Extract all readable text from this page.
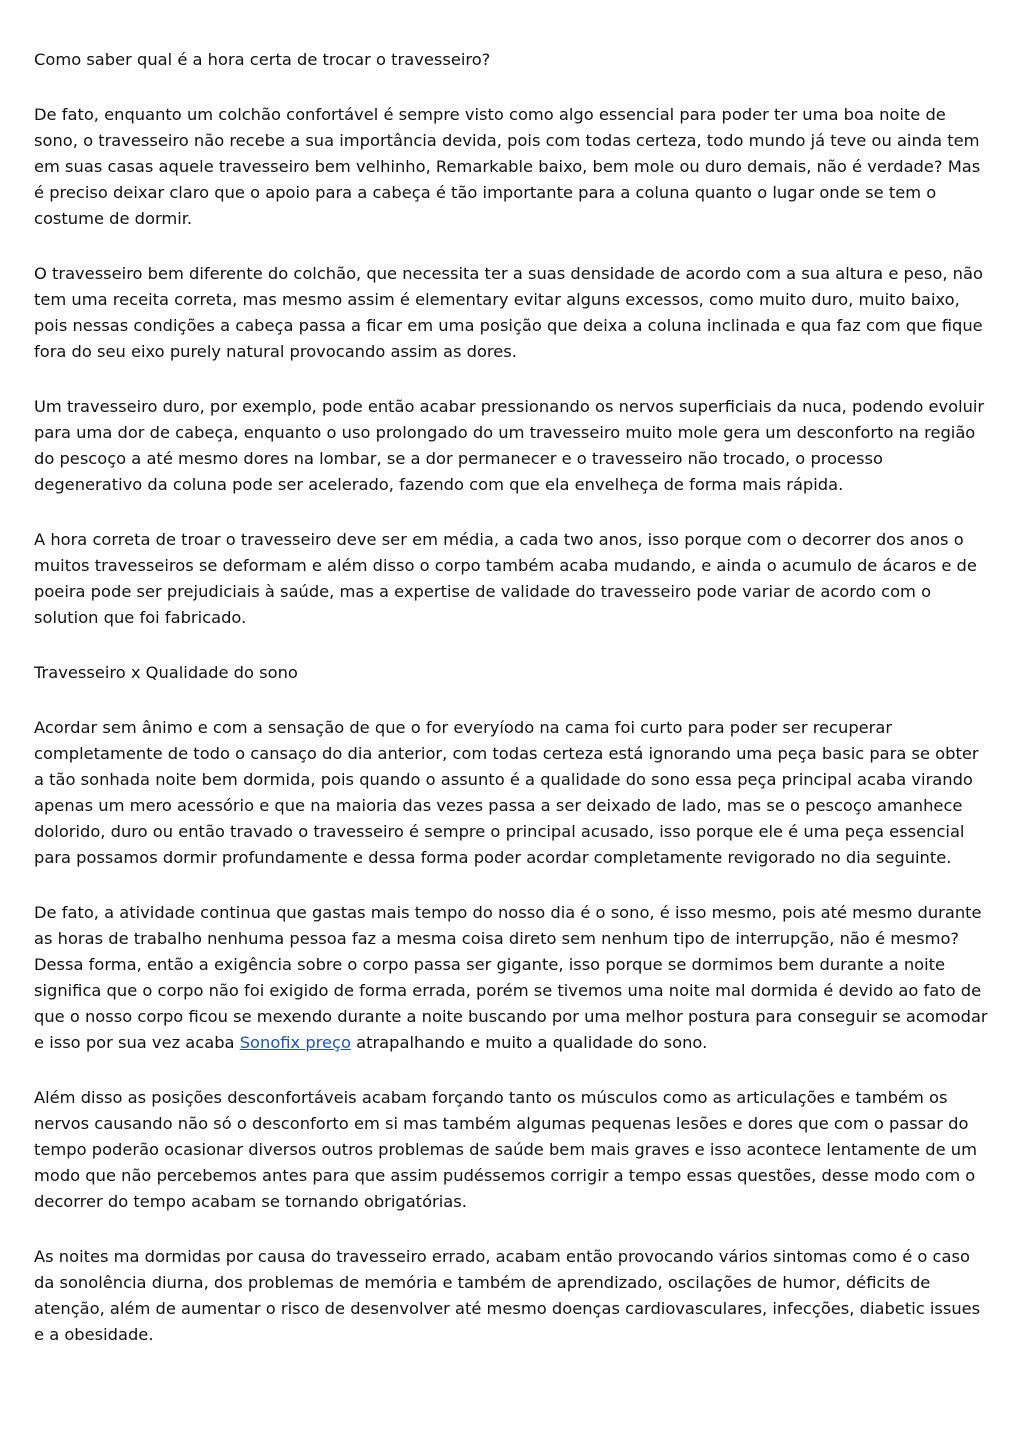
Como saber qual é a hora certa de trocar o travesseiro?

De fato, enquanto um colchão confortável é sempre visto como algo essencial para poder ter uma boa noite de sono, o travesseiro não recebe a sua importância devida, pois com todas certeza, todo mundo já teve ou ainda tem em suas casas aquele travesseiro bem velhinho, Remarkable baixo, bem mole ou duro demais, não é verdade? Mas é preciso deixar claro que o apoio para a cabeça é tão importante para a coluna quanto o lugar onde se tem o costume de dormir.

O travesseiro bem diferente do colchão, que necessita ter a suas densidade de acordo com a sua altura e peso, não tem uma receita correta, mas mesmo assim é elementary evitar alguns excessos, como muito duro, muito baixo, pois nessas condições a cabeça passa a ficar em uma posição que deixa a coluna inclinada e qua faz com que fique fora do seu eixo purely natural provocando assim as dores.

Um travesseiro duro, por exemplo, pode então acabar pressionando os nervos superficiais da nuca, podendo evoluir para uma dor de cabeça, enquanto o uso prolongado do um travesseiro muito mole gera um desconforto na região do pescoço a até mesmo dores na lombar, se a dor permanecer e o travesseiro não trocado, o processo degenerativo da coluna pode ser acelerado, fazendo com que ela envelheça de forma mais rápida.

A hora correta de troar o travesseiro deve ser em média, a cada two anos, isso porque com o decorrer dos anos o muitos travesseiros se deformam e além disso o corpo também acaba mudando, e ainda o acumulo de ácaros e de poeira pode ser prejudiciais à saúde, mas a expertise de validade do travesseiro pode variar de acordo com o solution que foi fabricado.

Travesseiro x Qualidade do sono

Acordar sem ânimo e com a sensação de que o for everyíodo na cama foi curto para poder ser recuperar completamente de todo o cansaço do dia anterior, com todas certeza está ignorando uma peça basic para se obter a tão sonhada noite bem dormida, pois quando o assunto é a qualidade do sono essa peça principal acaba virando apenas um mero acessório e que na maioria das vezes passa a ser deixado de lado, mas se o pescoço amanhece dolorido, duro ou então travado o travesseiro é sempre o principal acusado, isso porque ele é uma peça essencial para possamos dormir profundamente e dessa forma poder acordar completamente revigorado no dia seguinte.

De fato, a atividade continua que gastas mais tempo do nosso dia é o sono, é isso mesmo, pois até mesmo durante as horas de trabalho nenhuma pessoa faz a mesma coisa direto sem nenhum tipo de interrupção, não é mesmo? Dessa forma, então a exigência sobre o corpo passa ser gigante, isso porque se dormimos bem durante a noite significa que o corpo não foi exigido de forma errada, porém se tivemos uma noite mal dormida é devido ao fato de que o nosso corpo ficou se mexendo durante a noite buscando por uma melhor postura para conseguir se acomodar e isso por sua vez acaba Sonofix preço atrapalhando e muito a qualidade do sono.

Além disso as posições desconfortáveis acabam forçando tanto os músculos como as articulações e também os nervos causando não só o desconforto em si mas também algumas pequenas lesões e dores que com o passar do tempo poderão ocasionar diversos outros problemas de saúde bem mais graves e isso acontece lentamente de um modo que não percebemos antes para que assim pudéssemos corrigir a tempo essas questões, desse modo com o decorrer do tempo acabam se tornando obrigatórias.

As noites ma dormidas por causa do travesseiro errado, acabam então provocando vários sintomas como é o caso da sonolência diurna, dos problemas de memória e também de aprendizado, oscilações de humor, déficits de atenção, além de aumentar o risco de desenvolver até mesmo doenças cardiovasculares, infecções, diabetic issues e a obesidade.
